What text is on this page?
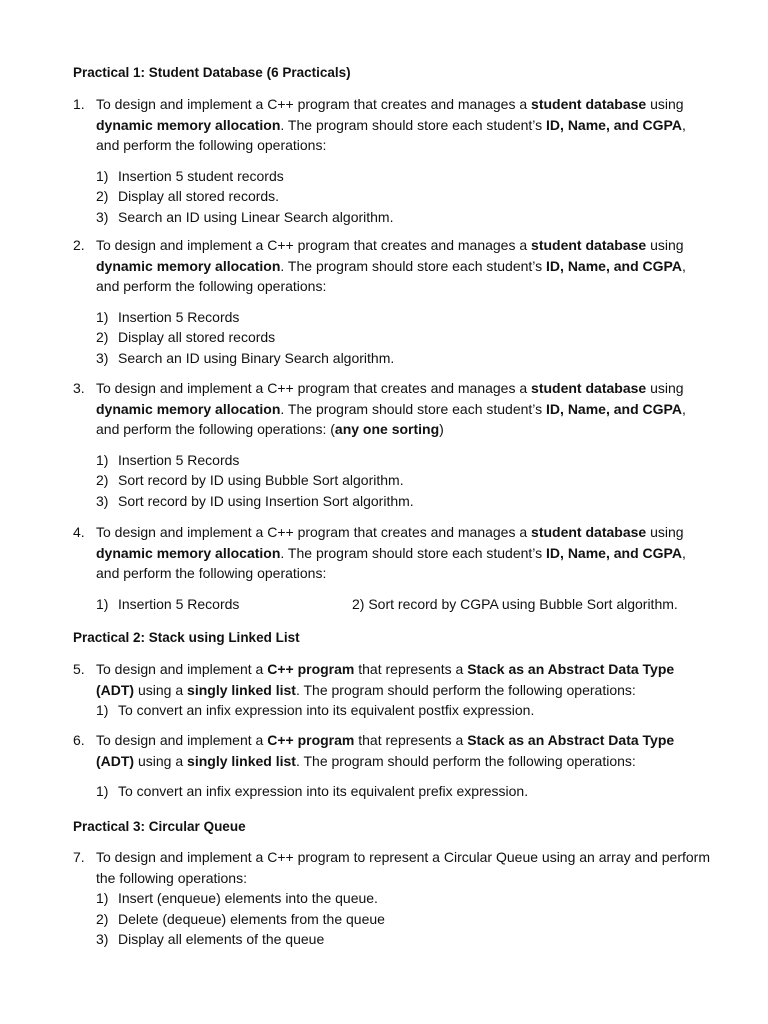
Practical 1: Student Database (6 Practicals)
1. To design and implement a C++ program that creates and manages a student database using dynamic memory allocation. The program should store each student’s ID, Name, and CGPA, and perform the following operations:
1) Insertion 5 student records
2) Display all stored records.
3) Search an ID using Linear Search algorithm.
2. To design and implement a C++ program that creates and manages a student database using dynamic memory allocation. The program should store each student’s ID, Name, and CGPA, and perform the following operations:
1) Insertion 5 Records
2) Display all stored records
3) Search an ID using Binary Search algorithm.
3. To design and implement a C++ program that creates and manages a student database using dynamic memory allocation. The program should store each student’s ID, Name, and CGPA, and perform the following operations: (any one sorting)
1) Insertion 5 Records
2) Sort record by ID using Bubble Sort algorithm.
3) Sort record by ID using Insertion Sort algorithm.
4. To design and implement a C++ program that creates and manages a student database using dynamic memory allocation. The program should store each student’s ID, Name, and CGPA, and perform the following operations:
1) Insertion 5 Records	2) Sort record by CGPA using Bubble Sort algorithm.
Practical 2: Stack using Linked List
5. To design and implement a C++ program that represents a Stack as an Abstract Data Type (ADT) using a singly linked list. The program should perform the following operations:
1) To convert an infix expression into its equivalent postfix expression.
6. To design and implement a C++ program that represents a Stack as an Abstract Data Type (ADT) using a singly linked list. The program should perform the following operations:
1) To convert an infix expression into its equivalent prefix expression.
Practical 3: Circular Queue
7. To design and implement a C++ program to represent a Circular Queue using an array and perform the following operations:
1) Insert (enqueue) elements into the queue.
2) Delete (dequeue) elements from the queue
3) Display all elements of the queue
